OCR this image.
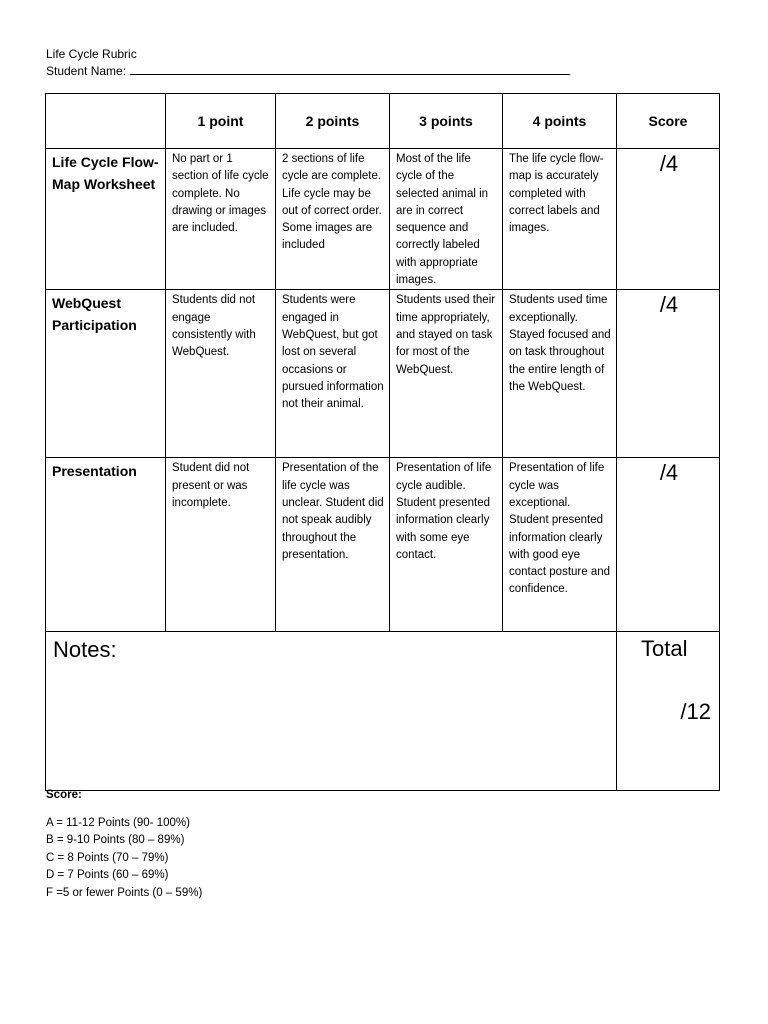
Life Cycle Rubric
Student Name:
	1 point	2 points	3 points	4 points	Score
Life Cycle Flow-Map Worksheet	No part or 1 section of life cycle complete. No drawing or images are included.	2 sections of life cycle are complete. Life cycle may be out of correct order. Some images are included	Most of the life cycle of the selected animal in are in correct sequence and correctly labeled with appropriate images.	The life cycle flow-map is accurately completed with correct labels and images.	/4
WebQuest Participation	Students did not engage consistently with WebQuest.	Students were engaged in WebQuest, but got lost on several occasions or pursued information not their animal.	Students used their time appropriately, and stayed on task for most of the WebQuest.	Students used time exceptionally. Stayed focused and on task throughout the entire length of the WebQuest.	/4
Presentation	Student did not present or was incomplete.	Presentation of the life cycle was unclear. Student did not speak audibly throughout the presentation.	Presentation of life cycle audible. Student presented information clearly with some eye contact.	Presentation of life cycle was exceptional. Student presented information clearly with good eye contact posture and confidence.	/4
Notes:					Total
/12
Score:
A = 11-12 Points (90- 100%)
B = 9-10 Points (80 – 89%)
C = 8 Points (70 – 79%)
D = 7 Points (60 – 69%)
F =5 or fewer Points (0 – 59%)
